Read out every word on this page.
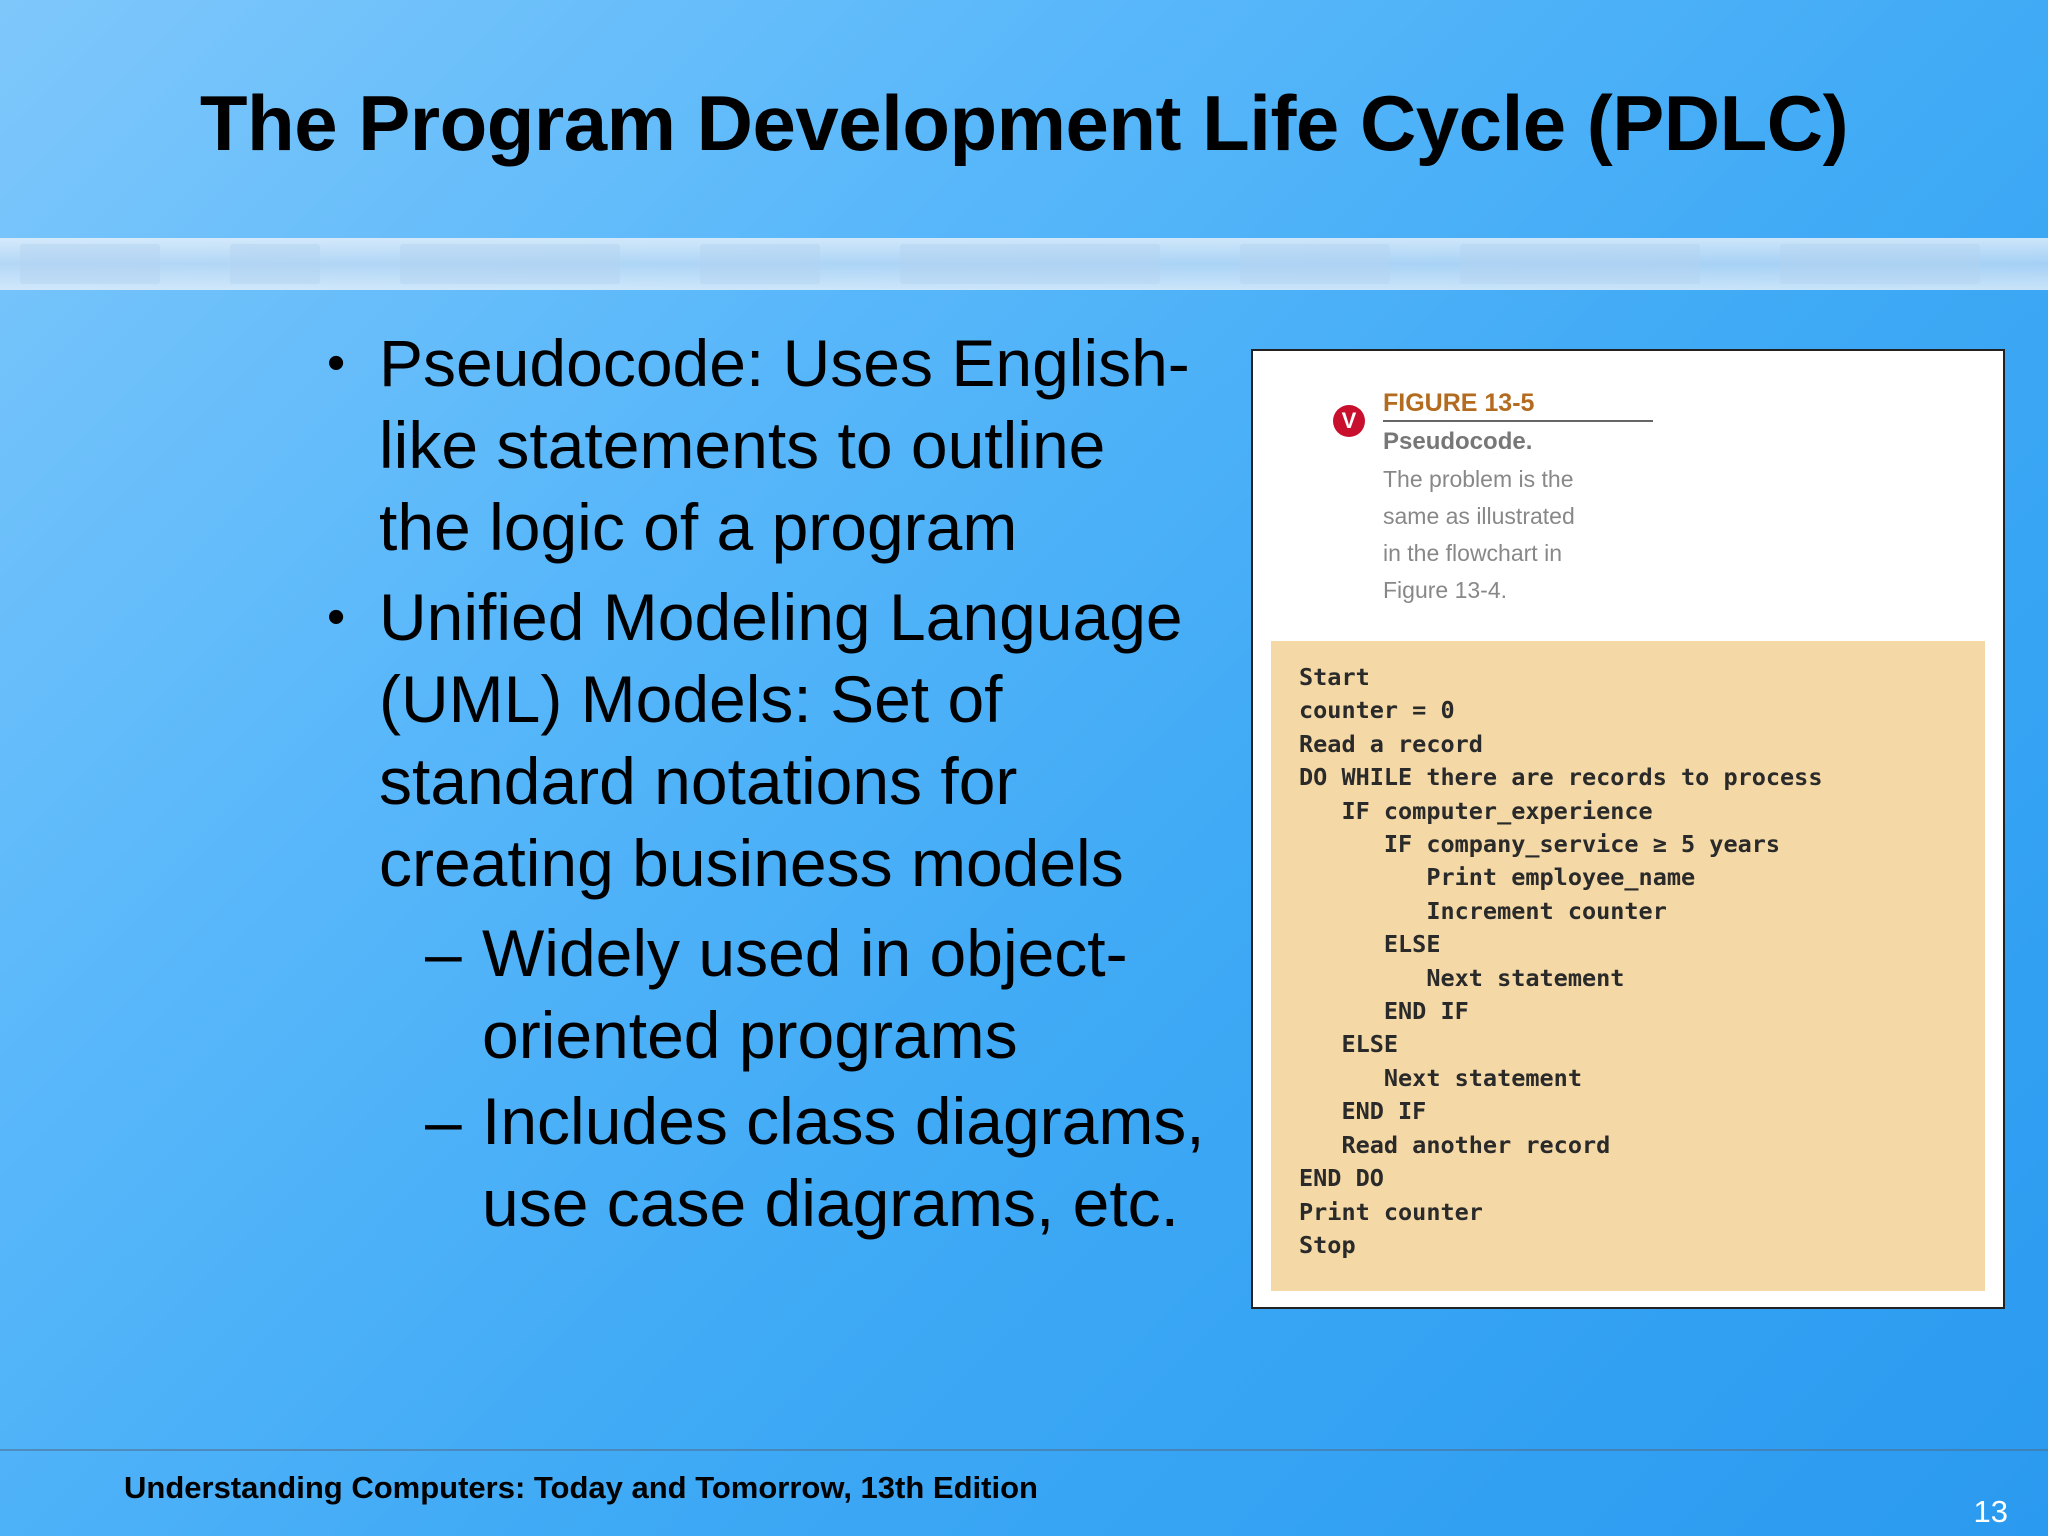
The Program Development Life Cycle (PDLC)
• Pseudocode: Uses English-
like statements to outline
the logic of a program
• Unified Modeling Language
(UML) Models: Set of
standard notations for
creating business models
– Widely used in object-
oriented programs
– Includes class diagrams,
use case diagrams, etc.
V
FIGURE 13-5
Pseudocode.
The problem is the
same as illustrated
in the flowchart in
Figure 13-4.
Start
counter = 0
Read a record
DO WHILE there are records to process
IF computer_experience
IF company_service ≥ 5 years
Print employee_name
Increment counter
ELSE
Next statement
END IF
ELSE
Next statement
END IF
Read another record
END DO
Print counter
Stop
Understanding Computers: Today and Tomorrow, 13th Edition
13
